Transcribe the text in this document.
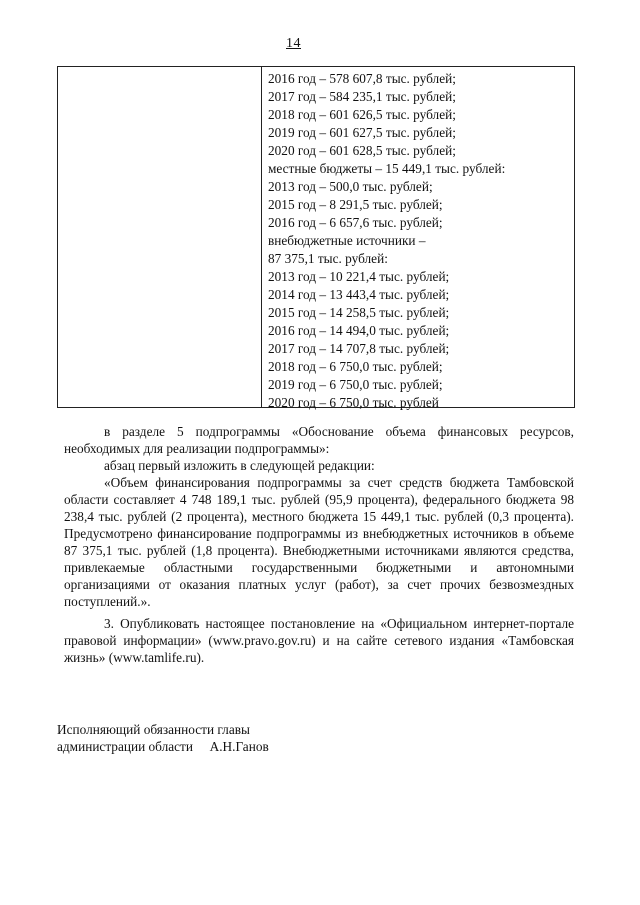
14
2016 год – 578 607,8 тыс. рублей;
2017 год – 584 235,1 тыс. рублей;
2018 год – 601 626,5 тыс. рублей;
2019 год – 601 627,5 тыс. рублей;
2020 год – 601 628,5 тыс. рублей;
местные бюджеты – 15 449,1 тыс. рублей:
2013 год – 500,0 тыс. рублей;
2015 год – 8 291,5 тыс. рублей;
2016 год – 6 657,6 тыс. рублей;
внебюджетные источники –
87 375,1 тыс. рублей:
2013 год – 10 221,4 тыс. рублей;
2014 год – 13 443,4 тыс. рублей;
2015 год – 14 258,5 тыс. рублей;
2016 год – 14 494,0 тыс. рублей;
2017 год – 14 707,8 тыс. рублей;
2018 год – 6 750,0 тыс. рублей;
2019 год – 6 750,0 тыс. рублей;
2020 год – 6 750,0 тыс. рублей

в разделе 5 подпрограммы «Обоснование объема финансовых ресурсов, необходимых для реализации подпрограммы»:

абзац первый изложить в следующей редакции:

«Объем финансирования подпрограммы за счет средств бюджета Тамбовской области составляет 4 748 189,1 тыс. рублей (95,9 процента), федерального бюджета 98 238,4 тыс. рублей (2 процента), местного бюджета 15 449,1 тыс. рублей (0,3 процента). Предусмотрено финансирование подпрограммы из внебюджетных источников в объеме 87 375,1 тыс. рублей (1,8 процента). Внебюджетными источниками являются средства, привлекаемые областными государственными бюджетными и автономными организациями от оказания платных услуг (работ), за счет прочих безвозмездных поступлений.».

3. Опубликовать настоящее постановление на «Официальном интернет-портале правовой информации» (www.pravo.gov.ru) и на сайте сетевого издания «Тамбовская жизнь» (www.tamlife.ru).

Исполняющий обязанности главы
администрации области     А.Н.Ганов
